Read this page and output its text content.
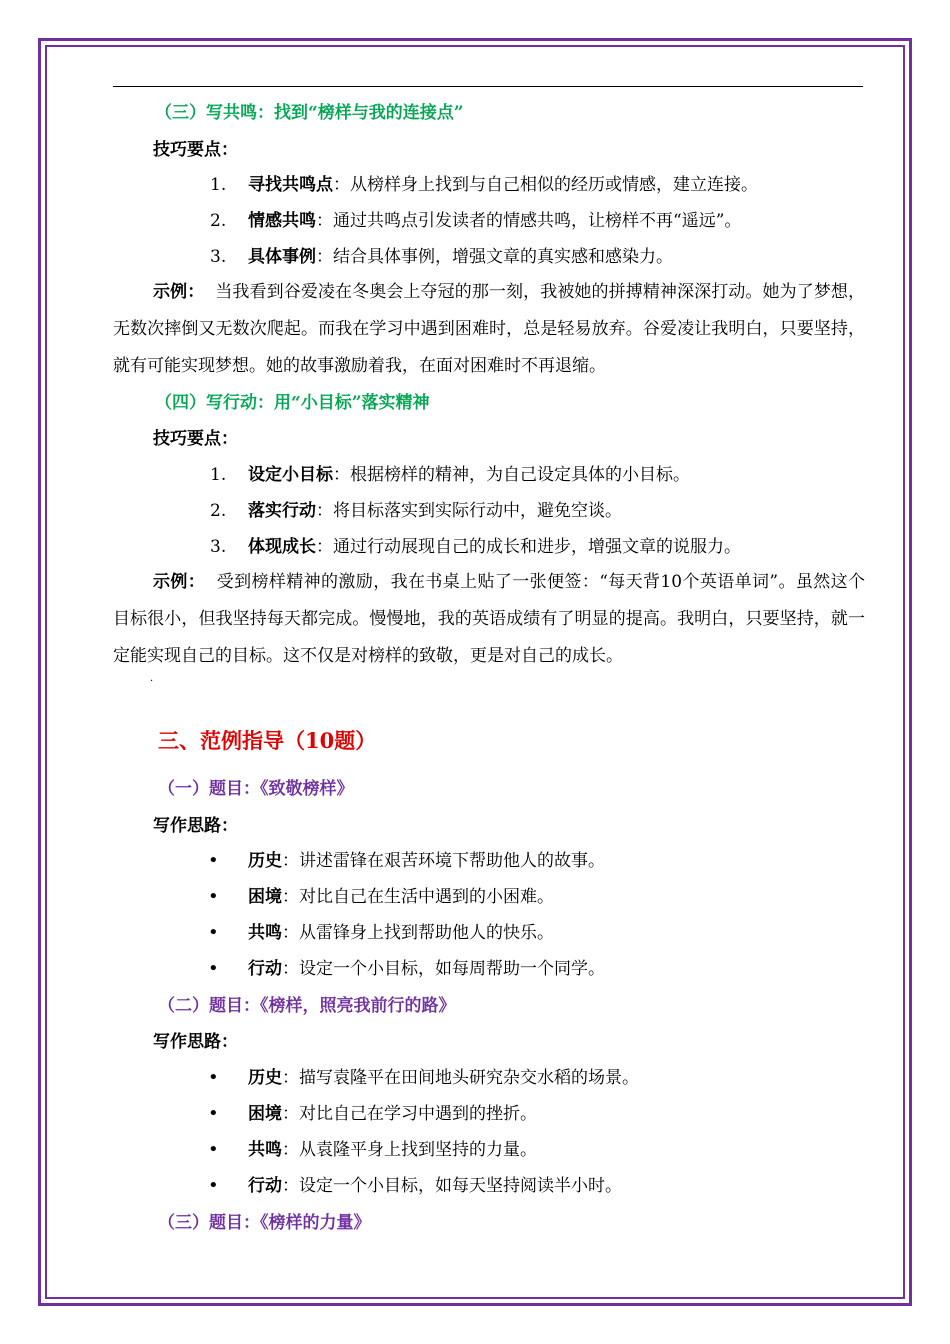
（三）写共鸣：找到“榜样与我的连接点”
技巧要点：
1. 寻找共鸣点：从榜样身上找到与自己相似的经历或情感，建立连接。
2. 情感共鸣：通过共鸣点引发读者的情感共鸣，让榜样不再“遥远”。
3. 具体事例：结合具体事例，增强文章的真实感和感染力。
示例： 当我看到谷爱凌在冬奥会上夺冠的那一刻，我被她的拼搏精神深深打动。她为了梦想，无数次摔倒又无数次爬起。而我在学习中遇到困难时，总是轻易放弃。谷爱凌让我明白，只要坚持，就有可能实现梦想。她的故事激励着我，在面对困难时不再退缩。
（四）写行动：用“小目标”落实精神
技巧要点：
1. 设定小目标：根据榜样的精神，为自己设定具体的小目标。
2. 落实行动：将目标落实到实际行动中，避免空谈。
3. 体现成长：通过行动展现自己的成长和进步，增强文章的说服力。
示例： 受到榜样精神的激励，我在书桌上贴了一张便签：“每天背10个英语单词”。虽然这个目标很小，但我坚持每天都完成。慢慢地，我的英语成绩有了明显的提高。我明白，只要坚持，就一定能实现自己的目标。这不仅是对榜样的致敬，更是对自己的成长。
·
三、范例指导（10题）
（一）题目：《致敬榜样》
写作思路：
• 历史：讲述雷锋在艰苦环境下帮助他人的故事。
• 困境：对比自己在生活中遇到的小困难。
• 共鸣：从雷锋身上找到帮助他人的快乐。
• 行动：设定一个小目标，如每周帮助一个同学。
（二）题目：《榜样，照亮我前行的路》
写作思路：
• 历史：描写袁隆平在田间地头研究杂交水稻的场景。
• 困境：对比自己在学习中遇到的挫折。
• 共鸣：从袁隆平身上找到坚持的力量。
• 行动：设定一个小目标，如每天坚持阅读半小时。
（三）题目：《榜样的力量》
